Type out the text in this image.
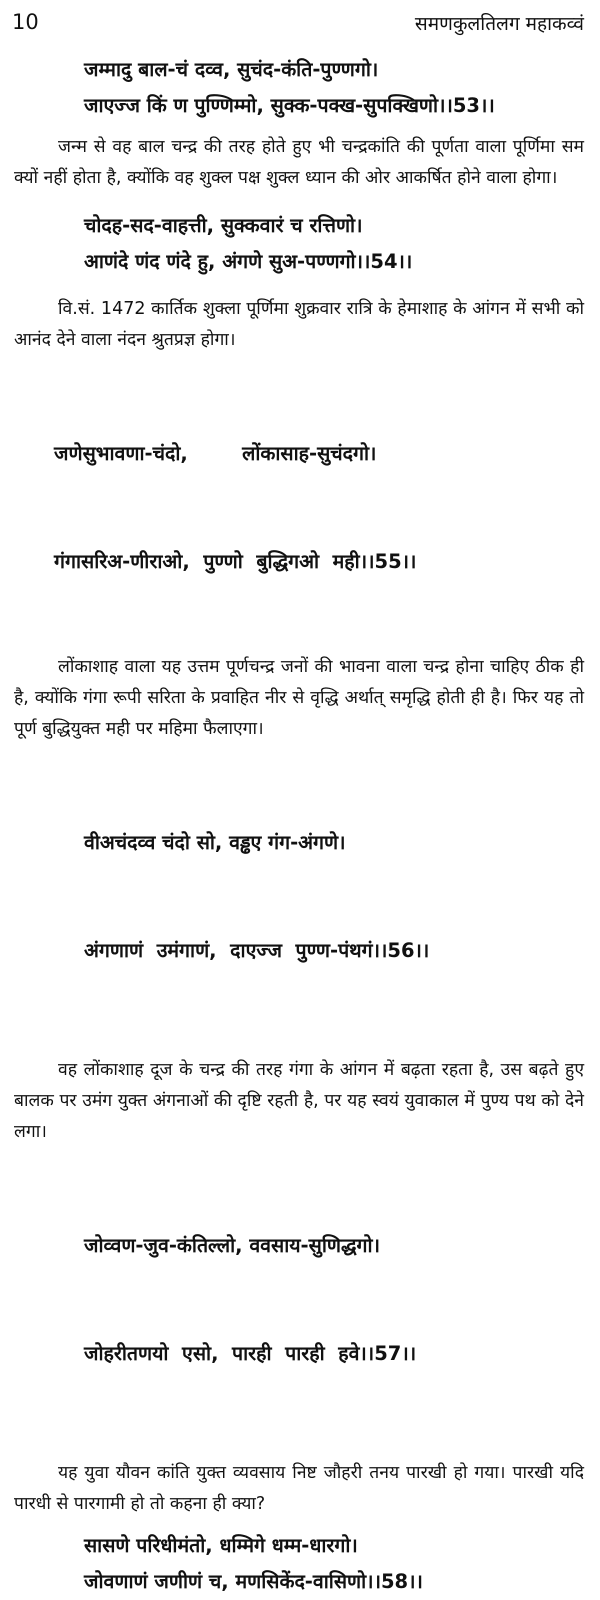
10	समणकुलतिलग महाकव्वं
जम्मादु बाल-चं दव्व, सुचंद-कंति-पुण्णगो।
जाएज्ज किं ण पुण्णिम्मो, सुक्क-पक्ख-सुपक्खिणो।।53।।
जन्म से वह बाल चन्द्र की तरह होते हुए भी चन्द्रकांति की पूर्णता वाला पूर्णिमा सम क्यों नहीं होता है, क्योंकि वह शुक्ल पक्ष शुक्ल ध्यान की ओर आकर्षित होने वाला होगा।
चोदह-सद-वाहत्ती, सुक्कवारं च रत्तिणो।
आणंदे णंद णंदे हु, अंगणे सुअ-पण्णगो।।54।।
वि.सं. 1472 कार्तिक शुक्ला पूर्णिमा शुक्रवार रात्रि के हेमाशाह के आंगन में सभी को आनंद देने वाला नंदन श्रुतप्रज्ञ होगा।

जणेसुभावणा-चंदो,        लोंकासाह-सुचंदगो।

गंगासरिअ-णीराओ,  पुण्णो  बुद्धिगओ  मही।।55।।

लोंकाशाह वाला यह उत्तम पूर्णचन्द्र जनों की भावना वाला चन्द्र होना चाहिए ठीक ही है, क्योंकि गंगा रूपी सरिता के प्रवाहित नीर से वृद्धि अर्थात् समृद्धि होती ही है। फिर यह तो पूर्ण बुद्धियुक्त मही पर महिमा फैलाएगा।

वीअचंदव्व चंदो सो, वड्ढए गंग-अंगणे।

अंगणाणं  उमंगाणं,  दाएज्ज  पुण्ण-पंथगं।।56।।

वह लोंकाशाह दूज के चन्द्र की तरह गंगा के आंगन में बढ़ता रहता है, उस बढ़ते हुए बालक पर उमंग युक्त अंगनाओं की दृष्टि रहती है, पर यह स्वयं युवाकाल में पुण्य पथ को देने लगा।

जोव्वण-जुव-कंतिल्लो, ववसाय-सुणिद्धगो।

जोहरीतणयो  एसो,  पारही  पारही  हवे।।57।।

यह युवा यौवन कांति युक्त व्यवसाय निष्ट जौहरी तनय पारखी हो गया। पारखी यदि पारधी से पारगामी हो तो कहना ही क्या?
सासणे परिधीमंतो, धम्मिगे धम्म-धारगो।
जोवणाणं जणीणं च, मणसिकेंद-वासिणो।।58।।
